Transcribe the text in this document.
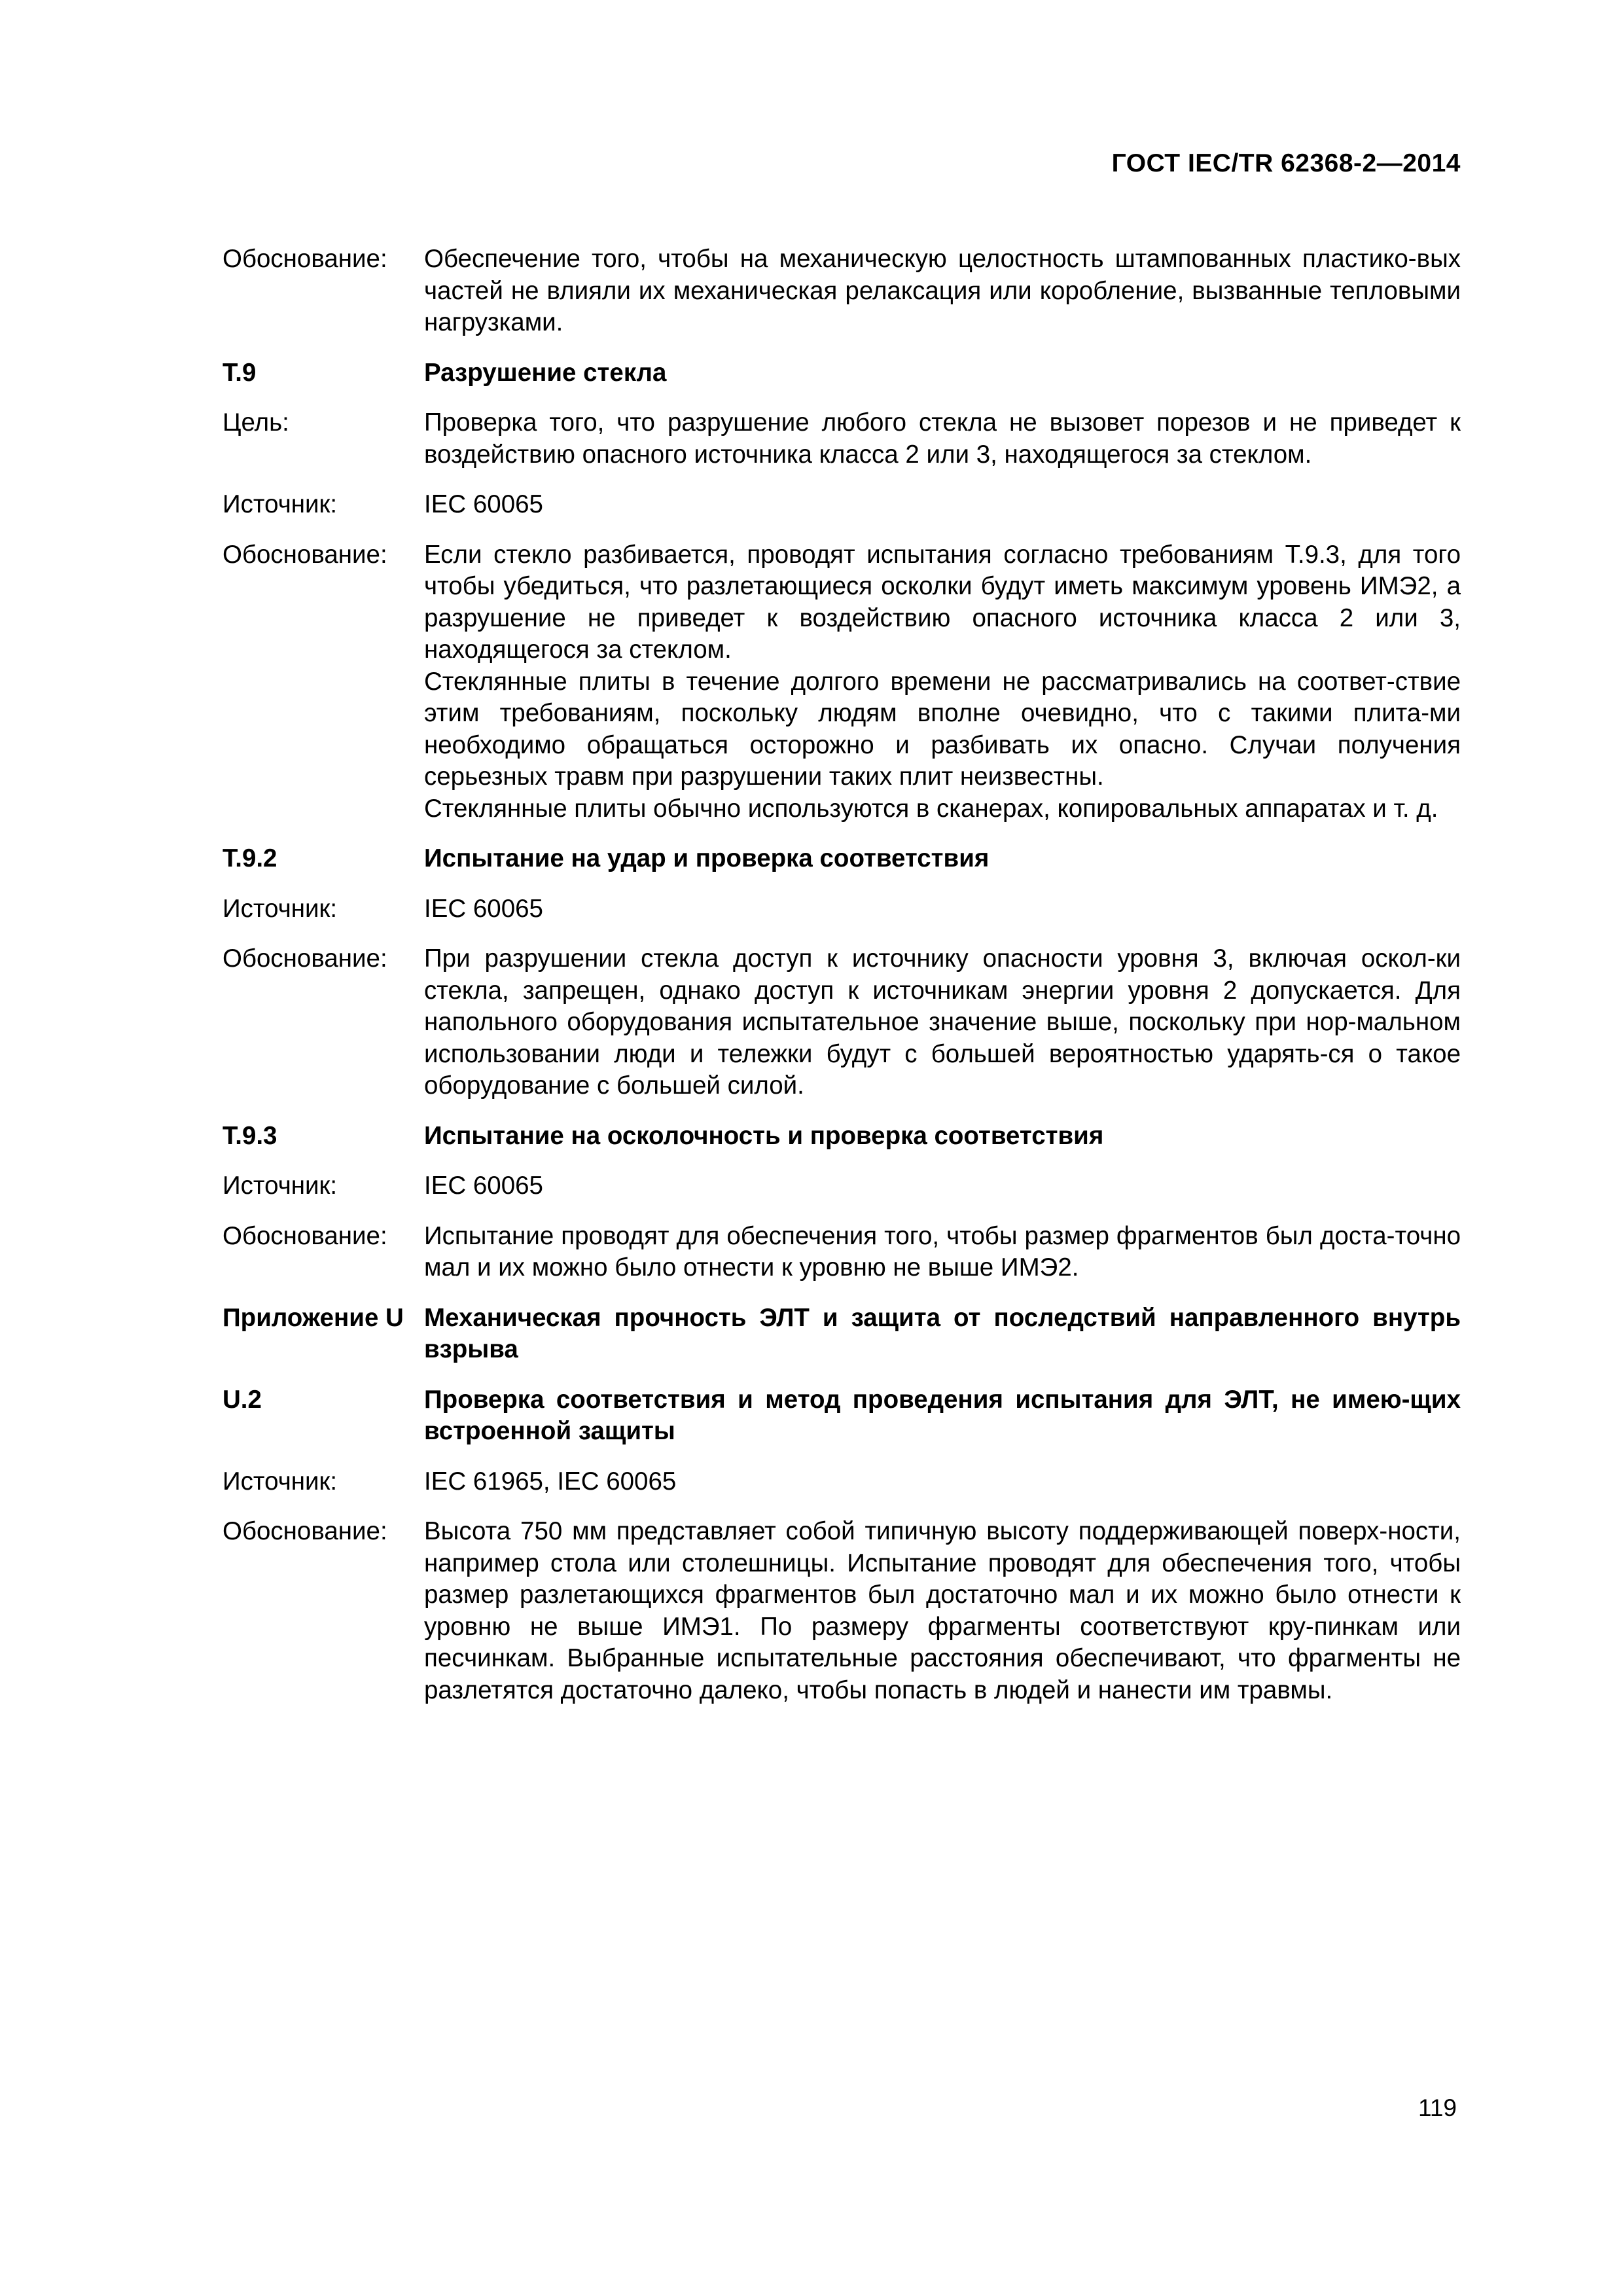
ГОСТ IEC/TR 62368-2—2014
Обоснование:	Обеспечение того, чтобы на механическую целостность штампованных пластико-вых частей не влияли их механическая релаксация или коробление, вызванные тепловыми нагрузками.

T.9	Разрушение стекла

Цель:	Проверка того, что разрушение любого стекла не вызовет порезов и не приведет к воздействию опасного источника класса 2 или 3, находящегося за стеклом.

Источник:	IEC 60065

Обоснование:	Если стекло разбивается, проводят испытания согласно требованиям T.9.3, для того чтобы убедиться, что разлетающиеся осколки будут иметь максимум уровень ИМЭ2, а разрушение не приведет к воздействию опасного источника класса 2 или 3, находящегося за стеклом.

Стеклянные плиты в течение долгого времени не рассматривались на соответ-ствие этим требованиям, поскольку людям вполне очевидно, что с такими плита-ми необходимо обращаться осторожно и разбивать их опасно. Случаи получения серьезных травм при разрушении таких плит неизвестны.

Стеклянные плиты обычно используются в сканерах, копировальных аппаратах и т. д.

T.9.2	Испытание на удар и проверка соответствия

Источник:	IEC 60065

Обоснование:	При разрушении стекла доступ к источнику опасности уровня 3, включая оскол-ки стекла, запрещен, однако доступ к источникам энергии уровня 2 допускается. Для напольного оборудования испытательное значение выше, поскольку при нор-мальном использовании люди и тележки будут с большей вероятностью ударять-ся о такое оборудование с большей силой.

T.9.3	Испытание на осколочность и проверка соответствия

Источник:	IEC 60065

Обоснование:	Испытание проводят для обеспечения того, чтобы размер фрагментов был доста-точно мал и их можно было отнести к уровню не выше ИМЭ2.

Приложение U Механическая прочность ЭЛТ и защита от последствий направленного внутрь взрыва

U.2	Проверка соответствия и метод проведения испытания для ЭЛТ, не имею-щих встроенной защиты

Источник:	IEC 61965, IEC 60065

Обоснование:	Высота 750 мм представляет собой типичную высоту поддерживающей поверх-ности, например стола или столешницы. Испытание проводят для обеспечения того, чтобы размер разлетающихся фрагментов был достаточно мал и их можно было отнести к уровню не выше ИМЭ1. По размеру фрагменты соответствуют кру-пинкам или песчинкам. Выбранные испытательные расстояния обеспечивают, что фрагменты не разлетятся достаточно далеко, чтобы попасть в людей и нанести им травмы.

119
